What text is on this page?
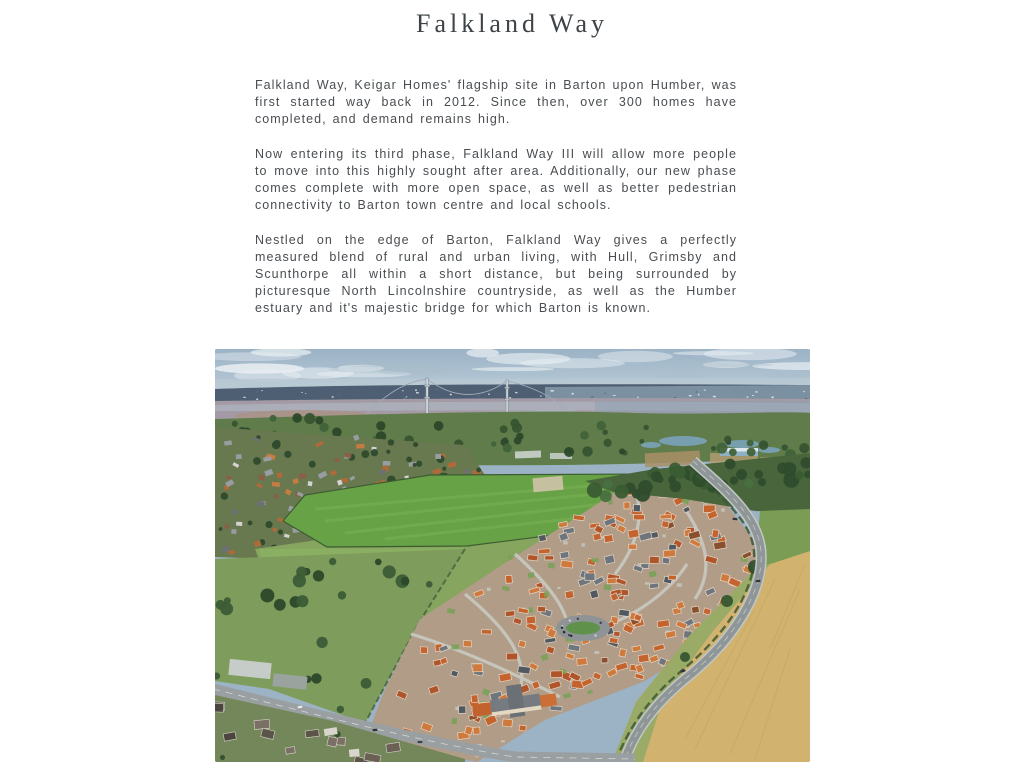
Falkland Way

Falkland Way, Keigar Homes' flagship site in Barton upon Humber, was first started way back in 2012. Since then, over 300 homes have completed, and demand remains high.

Now entering its third phase, Falkland Way III will allow more people to move into this highly sought after area. Additionally, our new phase comes complete with more open space, as well as better pedestrian connectivity to Barton town centre and local schools.

Nestled on the edge of Barton, Falkland Way gives a perfectly measured blend of rural and urban living, with Hull, Grimsby and Scunthorpe all within a short distance, but being surrounded by picturesque North Lincolnshire countryside, as well as the Humber estuary and it's majestic bridge for which Barton is known.
